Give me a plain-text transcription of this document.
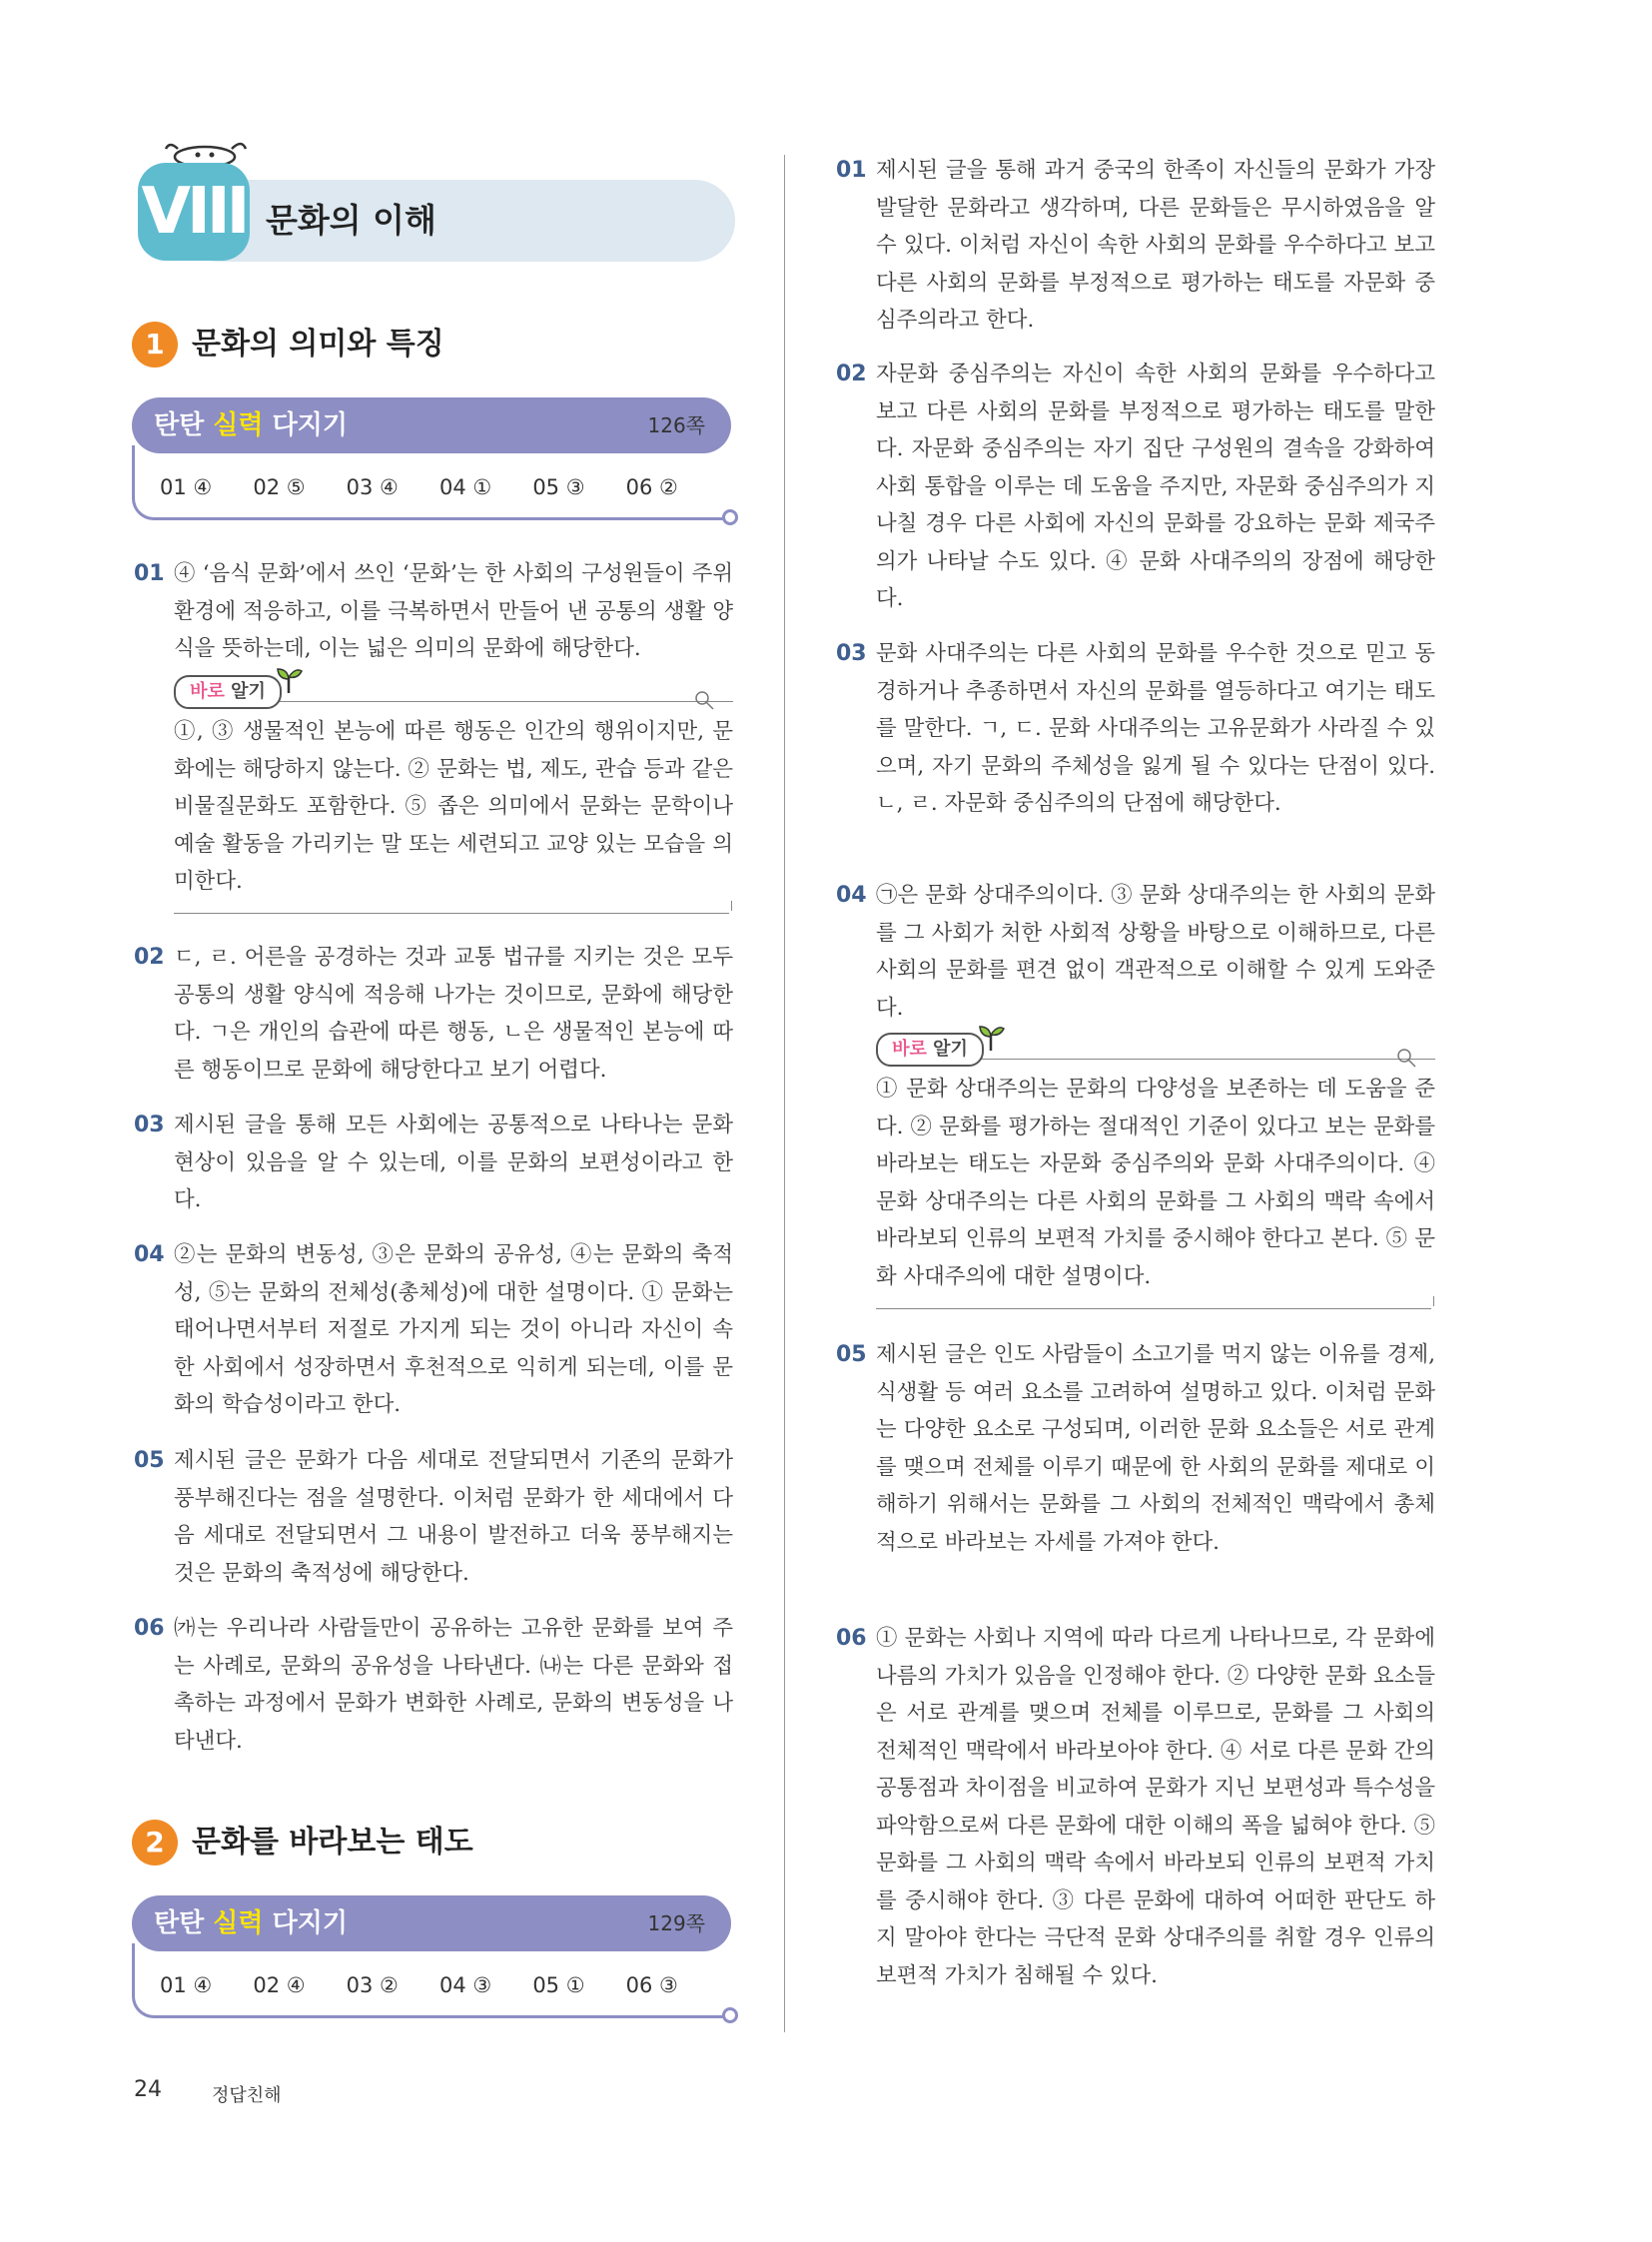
VIII 문화의 이해
1 문화의 의미와 특징
탄탄 실력 다지기	126쪽
01 ④	02 ⑤	03 ④	04 ①	05 ③	06 ②
01 ④ ‘음식 문화’에서 쓰인 ‘문화’는 한 사회의 구성원들이 주위 환경에 적응하고, 이를 극복하면서 만들어 낸 공통의 생활 양식을 뜻하는데, 이는 넓은 의미의 문화에 해당한다.
바로 알기
①, ③ 생물적인 본능에 따른 행동은 인간의 행위이지만, 문화에는 해당하지 않는다. ② 문화는 법, 제도, 관습 등과 같은 비물질문화도 포함한다. ⑤ 좁은 의미에서 문화는 문학이나 예술 활동을 가리키는 말 또는 세련되고 교양 있는 모습을 의미한다.
02 ㄷ, ㄹ. 어른을 공경하는 것과 교통 법규를 지키는 것은 모두 공통의 생활 양식에 적응해 나가는 것이므로, 문화에 해당한다. ㄱ은 개인의 습관에 따른 행동, ㄴ은 생물적인 본능에 따른 행동이므로 문화에 해당한다고 보기 어렵다.
03 제시된 글을 통해 모든 사회에는 공통적으로 나타나는 문화 현상이 있음을 알 수 있는데, 이를 문화의 보편성이라고 한다.
04 ②는 문화의 변동성, ③은 문화의 공유성, ④는 문화의 축적성, ⑤는 문화의 전체성(총체성)에 대한 설명이다. ① 문화는 태어나면서부터 저절로 가지게 되는 것이 아니라 자신이 속한 사회에서 성장하면서 후천적으로 익히게 되는데, 이를 문화의 학습성이라고 한다.
05 제시된 글은 문화가 다음 세대로 전달되면서 기존의 문화가 풍부해진다는 점을 설명한다. 이처럼 문화가 한 세대에서 다음 세대로 전달되면서 그 내용이 발전하고 더욱 풍부해지는 것은 문화의 축적성에 해당한다.
06 ㈎는 우리나라 사람들만이 공유하는 고유한 문화를 보여 주는 사례로, 문화의 공유성을 나타낸다. ㈏는 다른 문화와 접촉하는 과정에서 문화가 변화한 사례로, 문화의 변동성을 나타낸다.
2 문화를 바라보는 태도
탄탄 실력 다지기	129쪽
01 ④	02 ④	03 ②	04 ③	05 ①	06 ③
01 제시된 글을 통해 과거 중국의 한족이 자신들의 문화가 가장 발달한 문화라고 생각하며, 다른 문화들은 무시하였음을 알 수 있다. 이처럼 자신이 속한 사회의 문화를 우수하다고 보고 다른 사회의 문화를 부정적으로 평가하는 태도를 자문화 중심주의라고 한다.
02 자문화 중심주의는 자신이 속한 사회의 문화를 우수하다고 보고 다른 사회의 문화를 부정적으로 평가하는 태도를 말한다. 자문화 중심주의는 자기 집단 구성원의 결속을 강화하여 사회 통합을 이루는 데 도움을 주지만, 자문화 중심주의가 지나칠 경우 다른 사회에 자신의 문화를 강요하는 문화 제국주의가 나타날 수도 있다. ④ 문화 사대주의의 장점에 해당한다.
03 문화 사대주의는 다른 사회의 문화를 우수한 것으로 믿고 동경하거나 추종하면서 자신의 문화를 열등하다고 여기는 태도를 말한다. ㄱ, ㄷ. 문화 사대주의는 고유문화가 사라질 수 있으며, 자기 문화의 주체성을 잃게 될 수 있다는 단점이 있다. ㄴ, ㄹ. 자문화 중심주의의 단점에 해당한다.
04 ㉠은 문화 상대주의이다. ③ 문화 상대주의는 한 사회의 문화를 그 사회가 처한 사회적 상황을 바탕으로 이해하므로, 다른 사회의 문화를 편견 없이 객관적으로 이해할 수 있게 도와준다.
바로 알기
① 문화 상대주의는 문화의 다양성을 보존하는 데 도움을 준다. ② 문화를 평가하는 절대적인 기준이 있다고 보는 문화를 바라보는 태도는 자문화 중심주의와 문화 사대주의이다. ④ 문화 상대주의는 다른 사회의 문화를 그 사회의 맥락 속에서 바라보되 인류의 보편적 가치를 중시해야 한다고 본다. ⑤ 문화 사대주의에 대한 설명이다.
05 제시된 글은 인도 사람들이 소고기를 먹지 않는 이유를 경제, 식생활 등 여러 요소를 고려하여 설명하고 있다. 이처럼 문화는 다양한 요소로 구성되며, 이러한 문화 요소들은 서로 관계를 맺으며 전체를 이루기 때문에 한 사회의 문화를 제대로 이해하기 위해서는 문화를 그 사회의 전체적인 맥락에서 총체적으로 바라보는 자세를 가져야 한다.
06 ① 문화는 사회나 지역에 따라 다르게 나타나므로, 각 문화에 나름의 가치가 있음을 인정해야 한다. ② 다양한 문화 요소들은 서로 관계를 맺으며 전체를 이루므로, 문화를 그 사회의 전체적인 맥락에서 바라보아야 한다. ④ 서로 다른 문화 간의 공통점과 차이점을 비교하여 문화가 지닌 보편성과 특수성을 파악함으로써 다른 문화에 대한 이해의 폭을 넓혀야 한다. ⑤ 문화를 그 사회의 맥락 속에서 바라보되 인류의 보편적 가치를 중시해야 한다. ③ 다른 문화에 대하여 어떠한 판단도 하지 말아야 한다는 극단적 문화 상대주의를 취할 경우 인류의 보편적 가치가 침해될 수 있다.
24	정답친해
